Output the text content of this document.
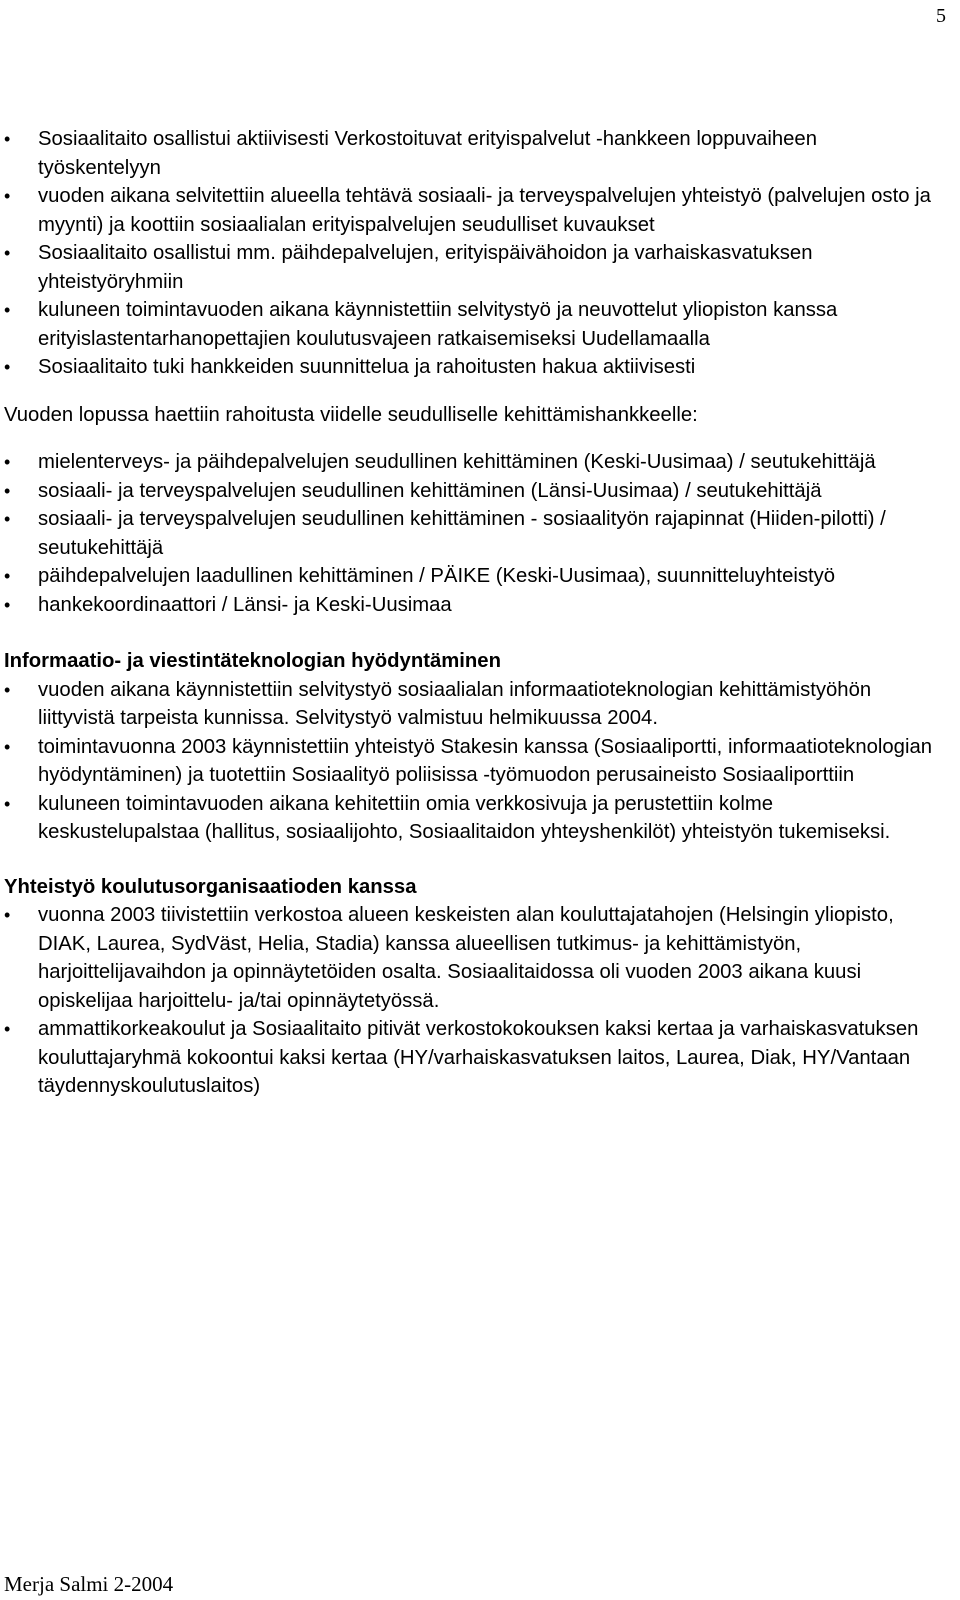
5
•	Sosiaalitaito osallistui aktiivisesti Verkostoituvat erityispalvelut -hankkeen loppuvaiheen työskentelyyn
•	vuoden aikana selvitettiin alueella tehtävä sosiaali- ja terveyspalvelujen yhteistyö (palvelujen osto ja myynti) ja koottiin sosiaalialan erityispalvelujen seudulliset kuvaukset
•	Sosiaalitaito osallistui mm. päihdepalvelujen, erityispäivähoidon ja varhaiskasvatuksen yhteistyöryhmiin
•	kuluneen toimintavuoden aikana käynnistettiin selvitystyö ja neuvottelut yliopiston kanssa erityislastentarhanopettajien koulutusvajeen ratkaisemiseksi Uudellamaalla
•	Sosiaalitaito tuki hankkeiden suunnittelua ja rahoitusten hakua aktiivisesti

Vuoden lopussa haettiin rahoitusta viidelle seudulliselle kehittämishankkeelle:

•	mielenterveys- ja päihdepalvelujen seudullinen kehittäminen (Keski-Uusimaa) / seutukehittäjä
•	sosiaali- ja terveyspalvelujen seudullinen kehittäminen (Länsi-Uusimaa) / seutukehittäjä
•	sosiaali- ja terveyspalvelujen seudullinen kehittäminen - sosiaalityön rajapinnat (Hiiden-pilotti) / seutukehittäjä
•	päihdepalvelujen laadullinen kehittäminen / PÄIKE (Keski-Uusimaa), suunnitteluyhteistyö
•	hankekoordinaattori / Länsi- ja Keski-Uusimaa

Informaatio- ja viestintäteknologian hyödyntäminen

•	vuoden aikana käynnistettiin selvitystyö sosiaalialan informaatioteknologian kehittämistyöhön liittyvistä tarpeista kunnissa. Selvitystyö valmistuu helmikuussa 2004.
•	toimintavuonna 2003 käynnistettiin yhteistyö Stakesin kanssa (Sosiaaliportti, informaatioteknologian hyödyntäminen) ja tuotettiin Sosiaalityö poliisissa -työmuodon perusaineisto Sosiaaliporttiin
•	kuluneen toimintavuoden aikana kehitettiin omia verkkosivuja ja perustettiin kolme keskustelupalstaa (hallitus, sosiaalijohto, Sosiaalitaidon yhteyshenkilöt) yhteistyön tukemiseksi.

Yhteistyö koulutusorganisaatioden kanssa

•	vuonna 2003 tiivistettiin verkostoa alueen keskeisten alan kouluttajatahojen (Helsingin yliopisto, DIAK, Laurea, SydVäst, Helia, Stadia) kanssa alueellisen tutkimus- ja kehittämistyön, harjoittelijavaihdon ja opinnäytetöiden osalta. Sosiaalitaidossa oli vuoden 2003 aikana kuusi opiskelijaa harjoittelu- ja/tai opinnäytetyössä.
•	ammattikorkeakoulut ja Sosiaalitaito pitivät verkostokokouksen kaksi kertaa ja varhaiskasvatuksen kouluttajaryhmä kokoontui kaksi kertaa (HY/varhaiskasvatuksen laitos, Laurea, Diak, HY/Vantaan täydennyskoulutuslaitos)
Merja Salmi 2-2004
